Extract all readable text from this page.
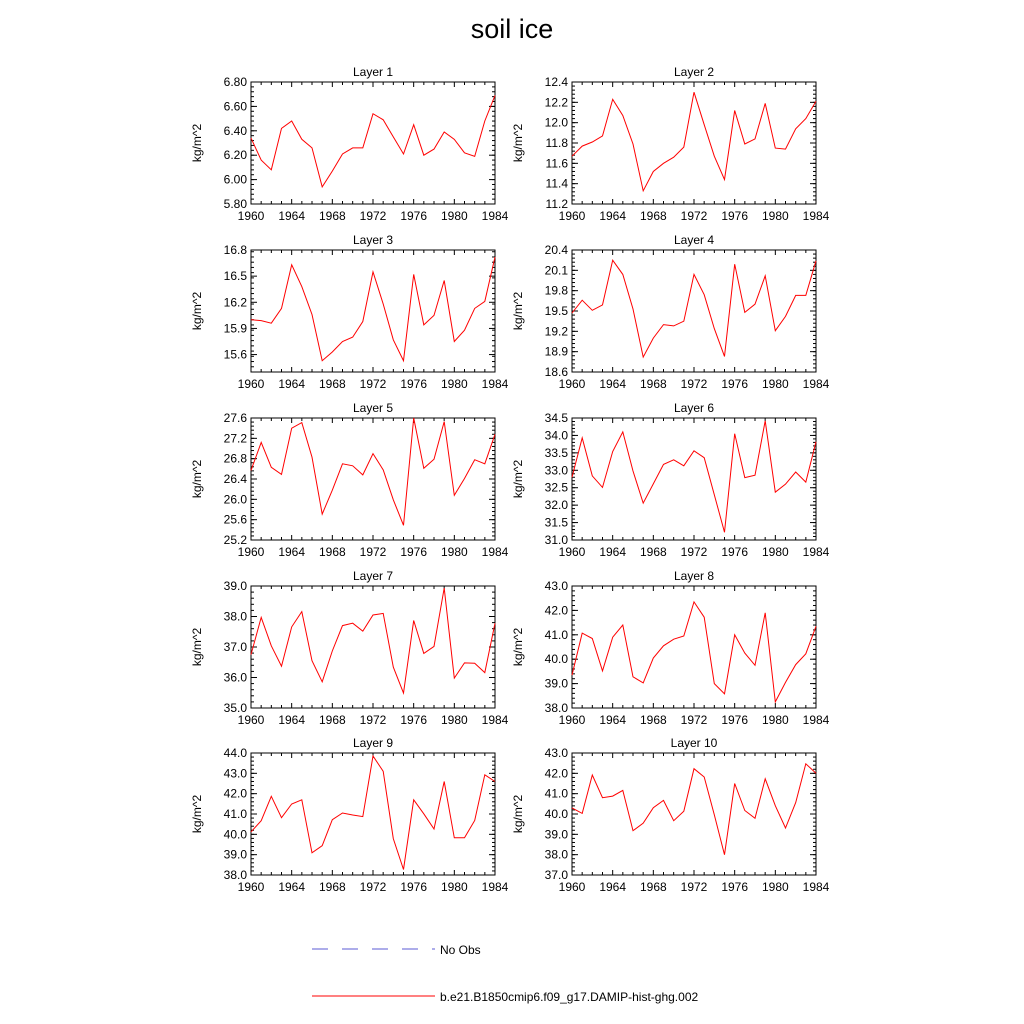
soil ice
Layer 1
kg/m^2
1960 1964 1968 1972 1976 1980 1984
5.80
6.00
6.20
6.40
6.60
6.80
Layer 2
kg/m^2
1960 1964 1968 1972 1976 1980 1984
11.2
11.4
11.6
11.8
12.0
12.2
12.4
Layer 3
kg/m^2
1960 1964 1968 1972 1976 1980 1984
15.6
15.9
16.2
16.5
16.8
Layer 4
kg/m^2
1960 1964 1968 1972 1976 1980 1984
18.6
18.9
19.2
19.5
19.8
20.1
20.4
Layer 5
kg/m^2
1960 1964 1968 1972 1976 1980 1984
25.2
25.6
26.0
26.4
26.8
27.2
27.6
Layer 6
kg/m^2
1960 1964 1968 1972 1976 1980 1984
31.0
31.5
32.0
32.5
33.0
33.5
34.0
34.5
Layer 7
kg/m^2
1960 1964 1968 1972 1976 1980 1984
35.0
36.0
37.0
38.0
39.0
Layer 8
kg/m^2
1960 1964 1968 1972 1976 1980 1984
38.0
39.0
40.0
41.0
42.0
43.0
Layer 9
kg/m^2
1960 1964 1968 1972 1976 1980 1984
38.0
39.0
40.0
41.0
42.0
43.0
44.0
Layer 10
kg/m^2
1960 1964 1968 1972 1976 1980 1984
37.0
38.0
39.0
40.0
41.0
42.0
43.0
No Obs
b.e21.B1850cmip6.f09_g17.DAMIP-hist-ghg.002
